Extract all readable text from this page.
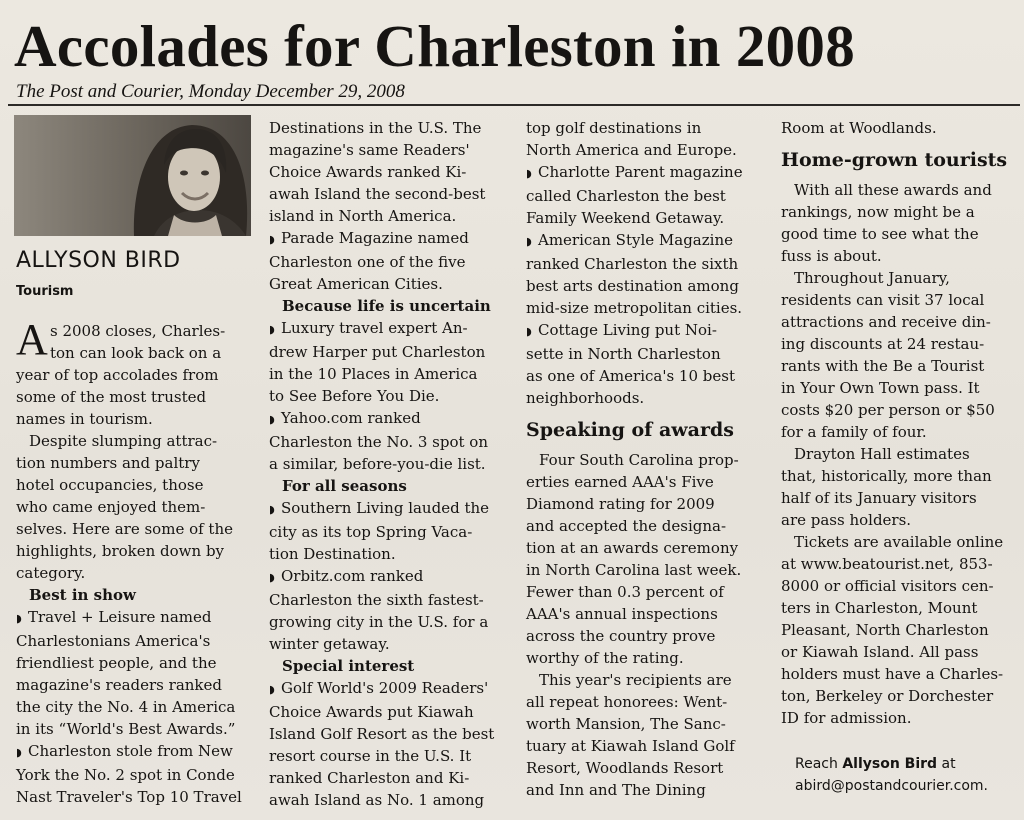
Accolades for Charleston in 2008
The Post and Courier, Monday December 29, 2008
ALLYSON BIRD
Tourism
A s 2008 closes, Charles-

ton can look back on a

year of top accolades from

some of the most trusted

names in tourism.

Despite slumping attrac-

tion numbers and paltry

hotel occupancies, those

who came enjoyed them-

selves. Here are some of the

highlights, broken down by

category.

Best in show

◗ Travel + Leisure named

Charlestonians America's

friendliest people, and the

magazine's readers ranked

the city the No. 4 in America

in its “World's Best Awards.”

◗ Charleston stole from New

York the No. 2 spot in Conde

Nast Traveler's Top 10 Travel

Destinations in the U.S. The

magazine's same Readers'

Choice Awards ranked Ki-

awah Island the second-best

island in North America.

◗ Parade Magazine named

Charleston one of the five

Great American Cities.

Because life is uncertain

◗ Luxury travel expert An-

drew Harper put Charleston

in the 10 Places in America

to See Before You Die.

◗ Yahoo.com ranked

Charleston the No. 3 spot on

a similar, before-you-die list.

For all seasons

◗ Southern Living lauded the

city as its top Spring Vaca-

tion Destination.

◗ Orbitz.com ranked

Charleston the sixth fastest-

growing city in the U.S. for a

winter getaway.

Special interest

◗ Golf World's 2009 Readers'

Choice Awards put Kiawah

Island Golf Resort as the best

resort course in the U.S. It

ranked Charleston and Ki-

awah Island as No. 1 among

top golf destinations in

North America and Europe.

◗ Charlotte Parent magazine

called Charleston the best

Family Weekend Getaway.

◗ American Style Magazine

ranked Charleston the sixth

best arts destination among

mid-size metropolitan cities.

◗ Cottage Living put Noi-

sette in North Charleston

as one of America's 10 best

neighborhoods.

Speaking of awards

Four South Carolina prop-

erties earned AAA's Five

Diamond rating for 2009

and accepted the designa-

tion at an awards ceremony

in North Carolina last week.

Fewer than 0.3 percent of

AAA's annual inspections

across the country prove

worthy of the rating.

This year's recipients are

all repeat honorees: Went-

worth Mansion, The Sanc-

tuary at Kiawah Island Golf

Resort, Woodlands Resort

and Inn and The Dining

Room at Woodlands.

Home-grown tourists

With all these awards and

rankings, now might be a

good time to see what the

fuss is about.

Throughout January,

residents can visit 37 local

attractions and receive din-

ing discounts at 24 restau-

rants with the Be a Tourist

in Your Own Town pass. It

costs $20 per person or $50

for a family of four.

Drayton Hall estimates

that, historically, more than

half of its January visitors

are pass holders.

Tickets are available online

at www.beatourist.net, 853-

8000 or official visitors cen-

ters in Charleston, Mount

Pleasant, North Charleston

or Kiawah Island. All pass

holders must have a Charles-

ton, Berkeley or Dorchester

ID for admission.

Reach Allyson Bird at
abird@postandcourier.com.
